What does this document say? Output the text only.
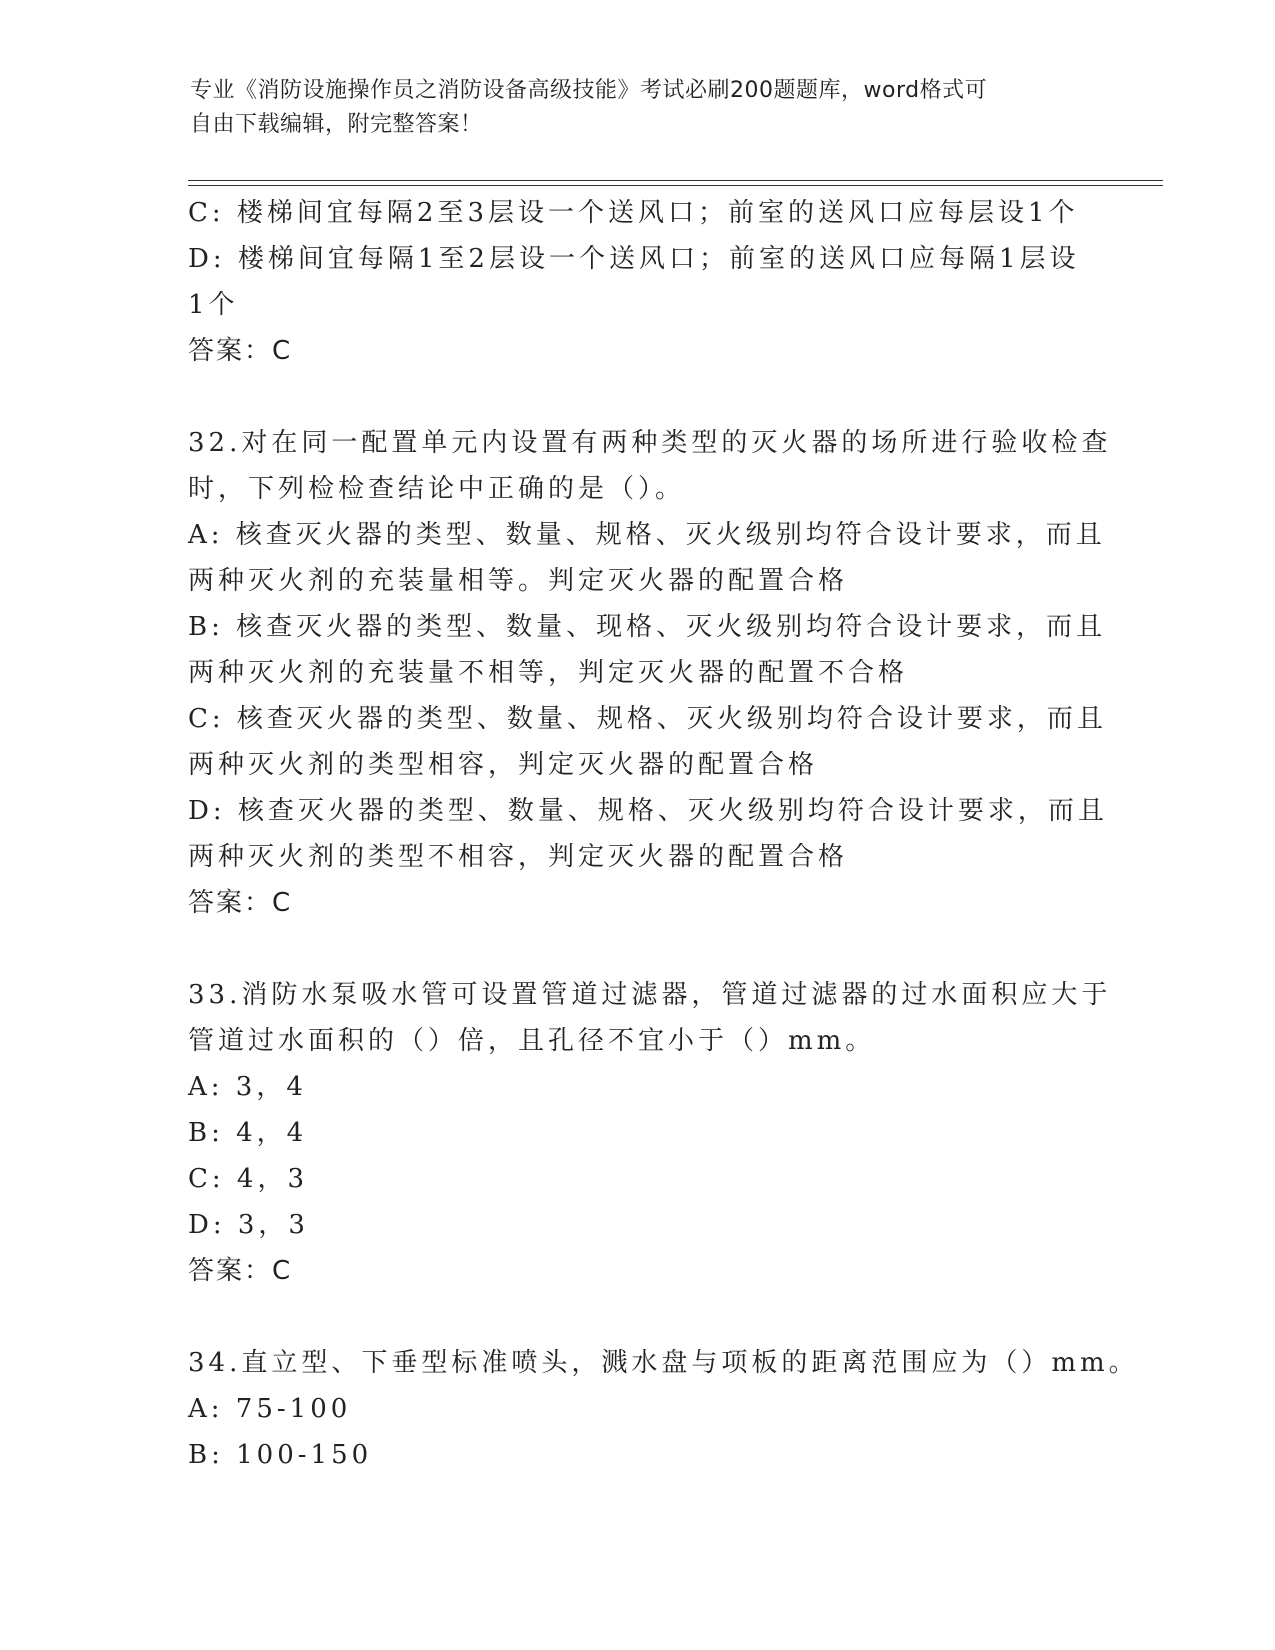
专业《消防设施操作员之消防设备高级技能》考试必刷200题题库，word格式可
自由下载编辑，附完整答案！
C: 楼梯间宜每隔2至3层设一个送风口；前室的送风口应每层设1个
D: 楼梯间宜每隔1至2层设一个送风口；前室的送风口应每隔1层设
1个
答案：C
32.对在同一配置单元内设置有两种类型的灭火器的场所进行验收检查
时，下列检检查结论中正确的是（）。
A: 核查灭火器的类型、数量、规格、灭火级别均符合设计要求，而且
两种灭火剂的充装量相等。判定灭火器的配置合格
B: 核查灭火器的类型、数量、现格、灭火级别均符合设计要求，而且
两种灭火剂的充装量不相等，判定灭火器的配置不合格
C: 核查灭火器的类型、数量、规格、灭火级别均符合设计要求，而且
两种灭火剂的类型相容，判定灭火器的配置合格
D: 核查灭火器的类型、数量、规格、灭火级别均符合设计要求，而且
两种灭火剂的类型不相容，判定灭火器的配置合格
答案：C
33.消防水泵吸水管可设置管道过滤器，管道过滤器的过水面积应大于
管道过水面积的（）倍，且孔径不宜小于（）mm。
A: 3，4
B: 4，4
C: 4，3
D: 3，3
答案：C
34.直立型、下垂型标准喷头，溅水盘与项板的距离范围应为（）mm。
A: 75-100
B: 100-150
